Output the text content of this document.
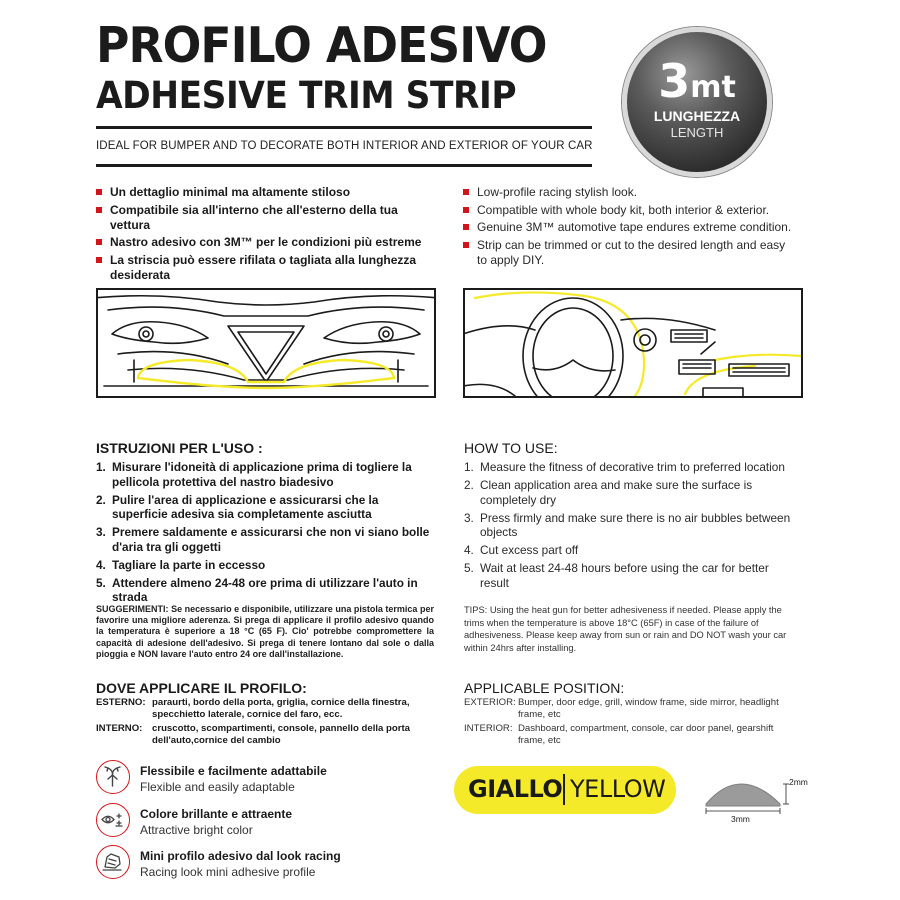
PROFILO ADESIVO
ADHESIVE TRIM STRIP
IDEAL FOR BUMPER AND TO DECORATE BOTH INTERIOR AND EXTERIOR OF YOUR CAR
3mt
LUNGHEZZA
LENGTH
Un dettaglio minimal ma altamente stiloso
Compatibile sia all'interno che all'esterno della tua vettura
Nastro adesivo con 3M™ per le condizioni più estreme
La striscia può essere rifilata o tagliata alla lunghezza desiderata
Low-profile racing stylish look.
Compatible with whole body kit, both interior & exterior.
Genuine 3M™ automotive tape endures extreme condition.
Strip can be trimmed or cut to the desired length and easy to apply DIY.
ISTRUZIONI PER L'USO :
1. Misurare l'idoneità di applicazione prima di togliere la pellicola protettiva del nastro biadesivo
2. Pulire l'area di applicazione e assicurarsi che la superficie adesiva sia completamente asciutta
3. Premere saldamente e assicurarsi che non vi siano bolle d'aria tra gli oggetti
4. Tagliare la parte in eccesso
5. Attendere almeno 24-48 ore prima di utilizzare l'auto in strada
HOW TO USE:
1. Measure the fitness of decorative trim to preferred location
2. Clean application area and make sure the surface is completely dry
3. Press firmly and make sure there is no air bubbles between objects
4. Cut excess part off
5. Wait at least 24-48 hours before using the car for better result
SUGGERIMENTI: Se necessario e disponibile, utilizzare una pistola termica per favorire una migliore aderenza. Si prega di applicare il profilo adesivo quando la temperatura è superiore a 18 °C (65 F). Cio' potrebbe compromettere la capacità di adesione dell'adesivo. Si prega di tenere lontano dal sole o dalla pioggia e NON lavare l'auto entro 24 ore dall'installazione.
TIPS: Using the heat gun for better adhesiveness if needed. Please apply the trims when the temperature is above 18°C (65F) in case of the failure of adhesiveness. Please keep away from sun or rain and DO NOT wash your car within 24hrs after installing.
DOVE APPLICARE IL PROFILO:
ESTERNO: paraurti, bordo della porta, griglia, cornice della finestra, specchietto laterale, cornice del faro, ecc.
INTERNO:	cruscotto, scompartimenti, console, pannello della porta dell'auto,cornice del cambio
APPLICABLE POSITION:
EXTERIOR: Bumper, door edge, grill, window frame, side mirror, headlight frame, etc
INTERIOR: Dashboard, compartment, console, car door panel, gearshift frame, etc
Flessibile e facilmente adattabile
Flexible and easily adaptable
Colore brillante e attraente
Attractive bright color
Mini profilo adesivo dal look racing
Racing look mini adhesive profile
GIALLO YELLOW	2mm
3mm
